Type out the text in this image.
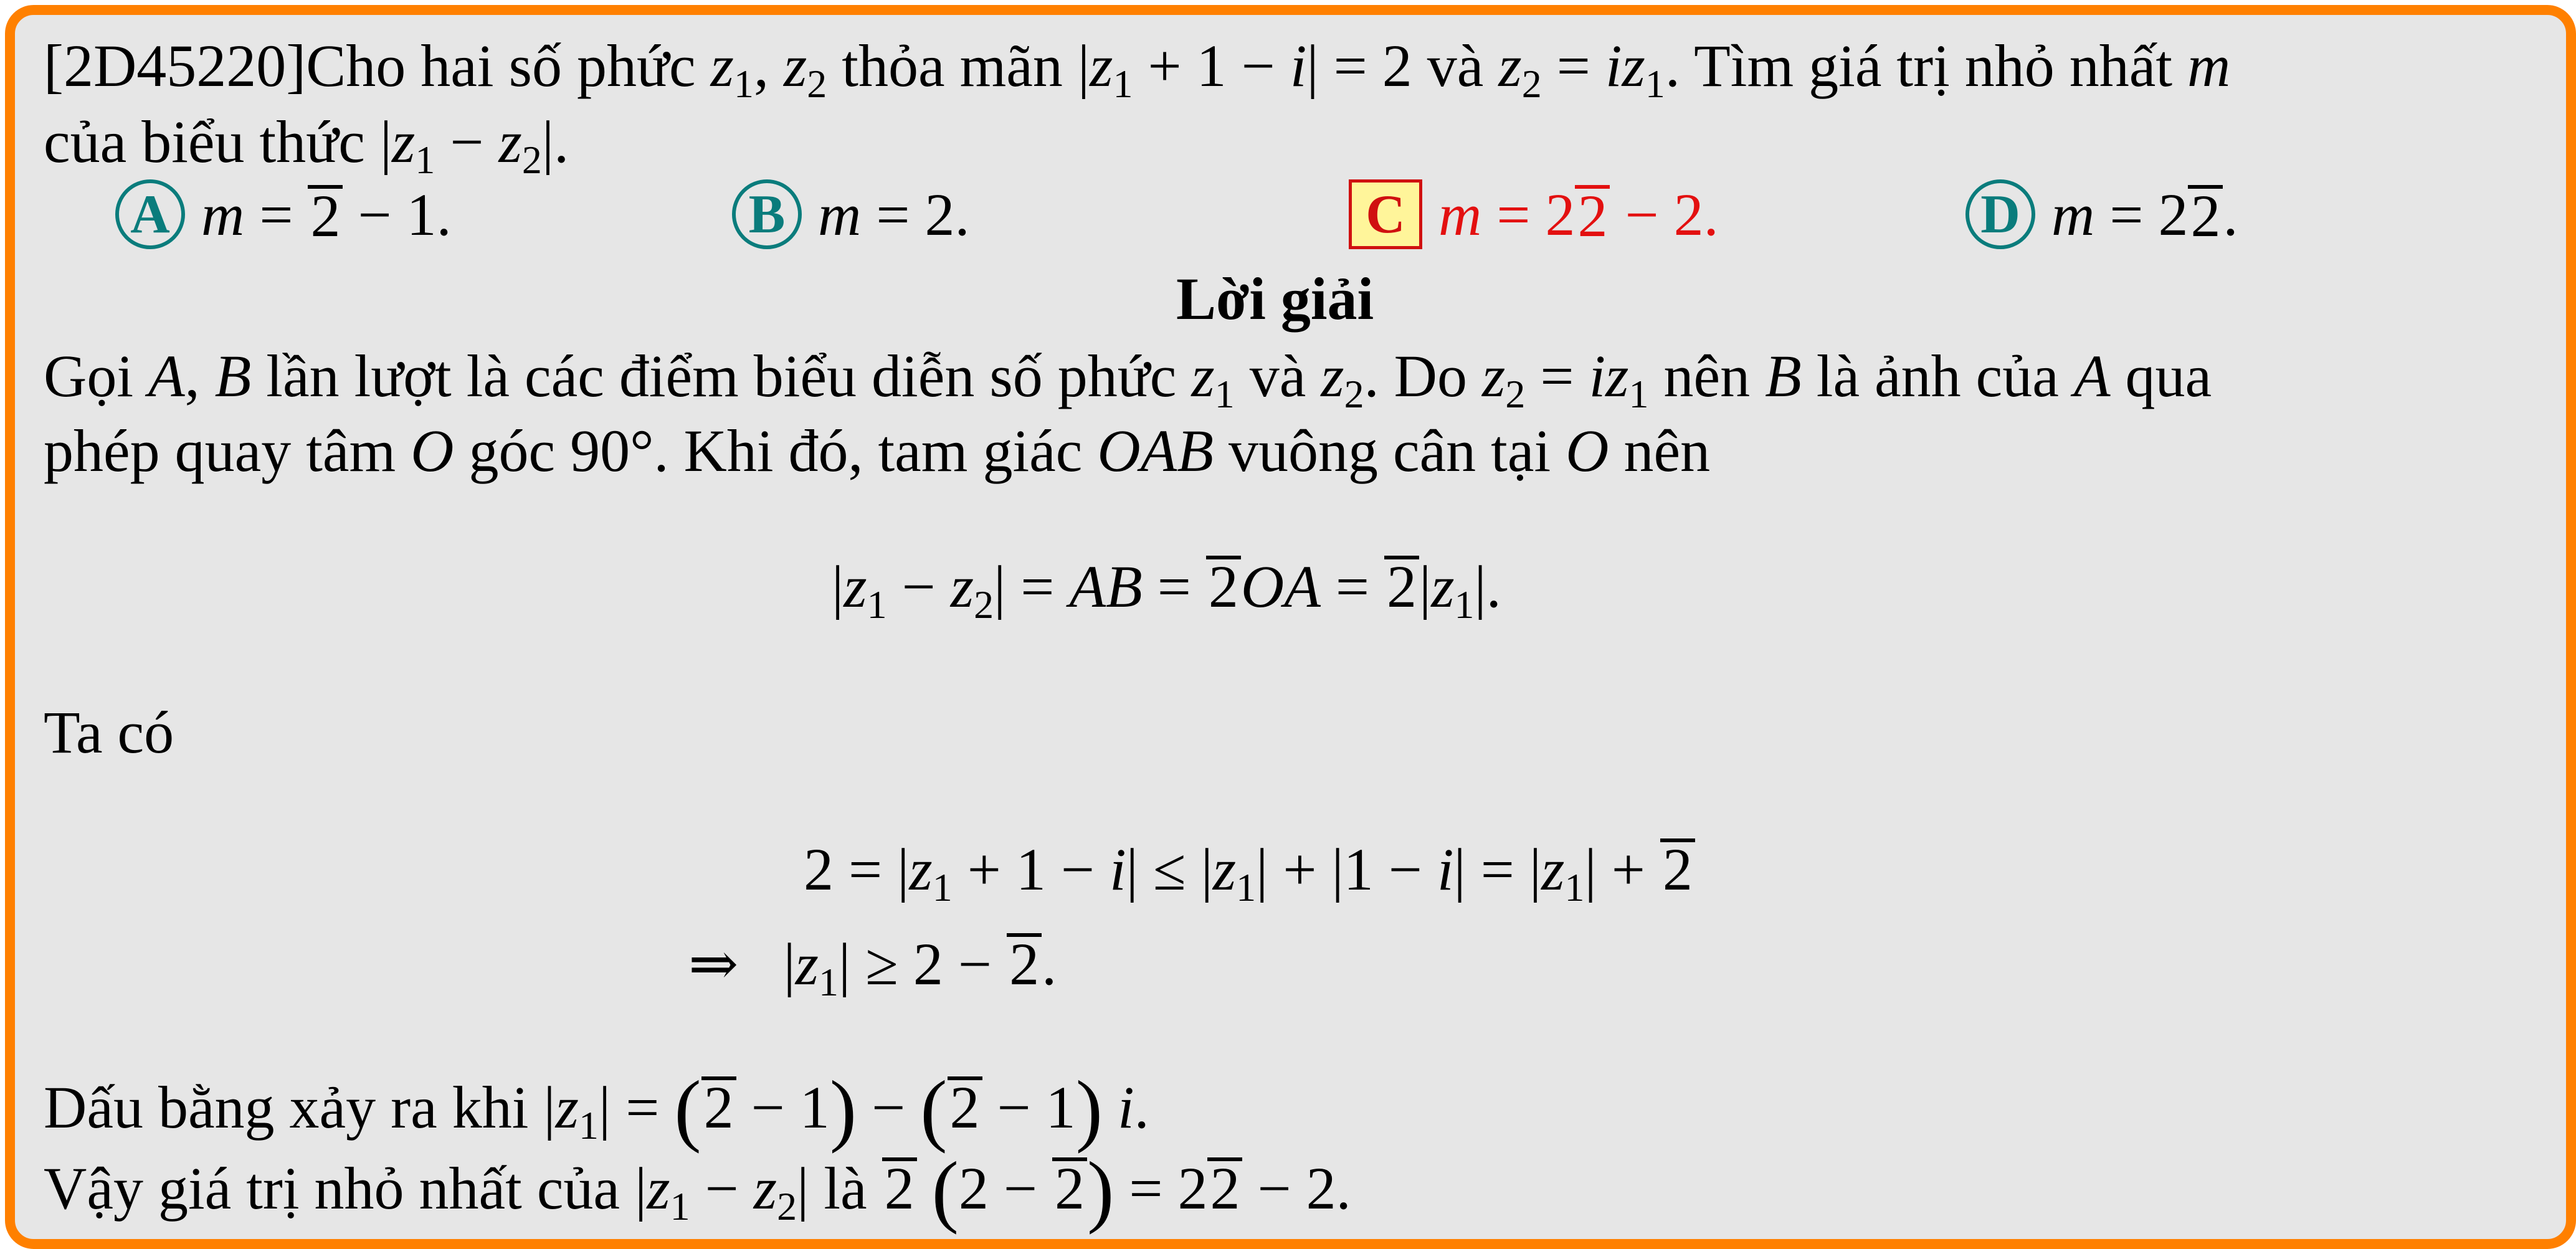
[2D45220]Cho hai số phức $z_1$, $z_2$ thỏa mãn $|z_1 + 1 - i| = 2$ và $z_2 = iz_1$. Tìm giá trị nhỏ nhất m
của biểu thức $|z_1 - z_2|$.
A m = 2 − 1.	B m = 2.	C m = 2 2 − 2.	D m = 2 2 .
Lời giải
Gọi A, B lần lượt là các điểm biểu diễn số phức $z_1$ và $z_2$. Do $z_2 = iz_1$ nên B là ảnh của A qua
phép quay tâm O góc 90°. Khi đó, tam giác OAB vuông cân tại O nên
$|z_1 - z_2|$ = AB = $2OA = 2|z_1|$.
Ta có
$2 = |z_1 + 1 - i| \le |z_1| + |1 - i| = |z_1| + 2$
⇒   $|z_1| \ge 2 - 2$.
Dấu bằng xảy ra khi $|z_1| = (2 - 1) - (2 - 1)$ i.
Vậy giá trị nhỏ nhất của $|z_1 - z_2|$ là 2 (2 − 2) = 22 − 2.
